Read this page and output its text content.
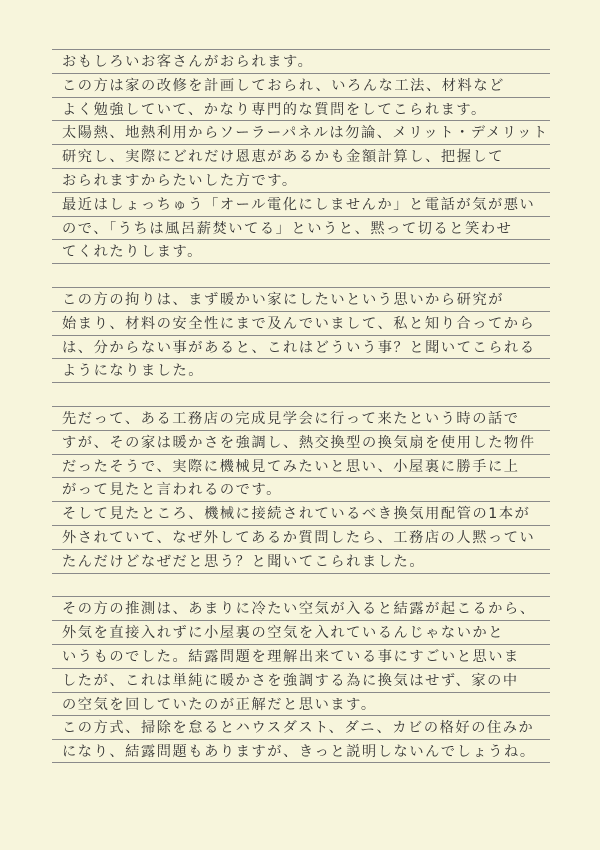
おもしろいお客さんがおられます。
この方は家の改修を計画しておられ、いろんな工法、材料など
よく勉強していて、かなり専門的な質問をしてこられます。
太陽熱、地熱利用からソーラーパネルは勿論、メリット・デメリット
研究し、実際にどれだけ恩恵があるかも金額計算し、把握して
おられますからたいした方です。
最近はしょっちゅう「オール電化にしませんか」と電話が気が悪い
ので、「うちは風呂薪焚いてる」というと、黙って切ると笑わせ
てくれたりします。
この方の拘りは、まず暖かい家にしたいという思いから研究が
始まり、材料の安全性にまで及んでいまして、私と知り合ってから
は、分からない事があると、これはどういう事？と聞いてこられる
ようになりました。
先だって、ある工務店の完成見学会に行って来たという時の話で
すが、その家は暖かさを強調し、熱交換型の換気扇を使用した物件
だったそうで、実際に機械見てみたいと思い、小屋裏に勝手に上
がって見たと言われるのです。
そして見たところ、機械に接続されているべき換気用配管の1本が
外されていて、なぜ外してあるか質問したら、工務店の人黙ってい
たんだけどなぜだと思う？と聞いてこられました。
その方の推測は、あまりに冷たい空気が入ると結露が起こるから、
外気を直接入れずに小屋裏の空気を入れているんじゃないかと
いうものでした。結露問題を理解出来ている事にすごいと思いま
したが、これは単純に暖かさを強調する為に換気はせず、家の中
の空気を回していたのが正解だと思います。
この方式、掃除を怠るとハウスダスト、ダニ、カビの格好の住みか
になり、結露問題もありますが、きっと説明しないんでしょうね。
